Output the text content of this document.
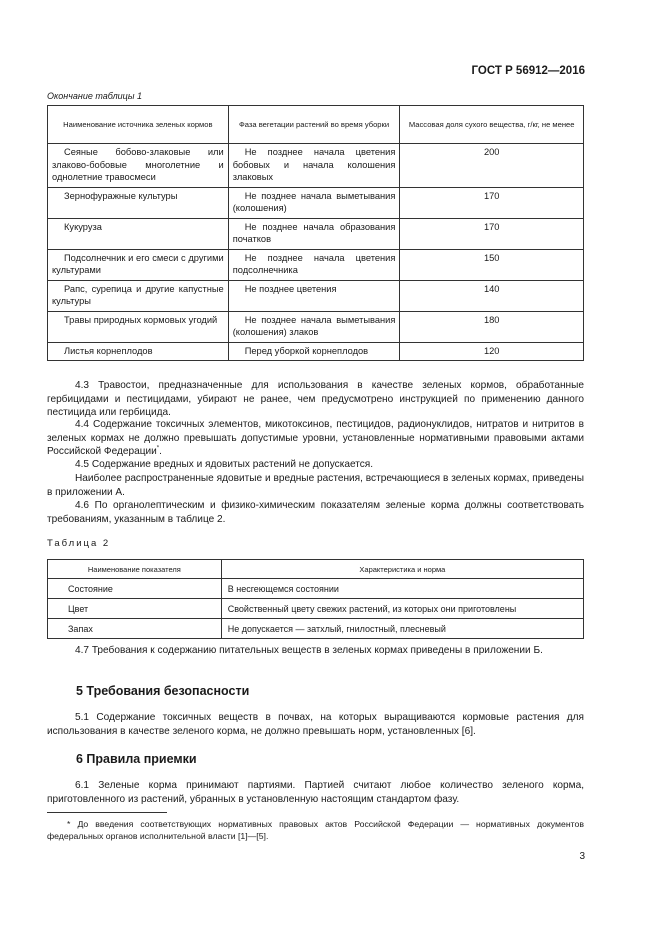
ГОСТ Р 56912—2016
Окончание таблицы 1
Наименование источника зеленых кормов	Фаза вегетации растений во время уборки	Массовая доля сухого вещества, г/кг, не менее
Сеяные бобово-злаковые или злаково-бобовые многолетние и однолетние травосмеси	Не позднее начала цветения бобовых и начала колошения злаковых	200
Зернофуражные культуры	Не позднее начала выметывания (колошения)	170
Кукуруза	Не позднее начала образования початков	170
Подсолнечник и его смеси с другими культурами	Не позднее начала цветения подсолнечника	150
Рапс, сурепица и другие капустные культуры	Не позднее цветения	140
Травы природных кормовых угодий	Не позднее начала выметывания (колошения) злаков	180
Листья корнеплодов	Перед уборкой корнеплодов	120

4.3 Травостои, предназначенные для использования в качестве зеленых кормов, обработанные гербицидами и пестицидами, убирают не ранее, чем предусмотрено инструкцией по применению данного пестицида или гербицида.

4.4 Содержание токсичных элементов, микотоксинов, пестицидов, радионуклидов, нитратов и нитритов в зеленых кормах не должно превышать допустимые уровни, установленные нормативными правовыми актами Российской Федерации*.

4.5 Содержание вредных и ядовитых растений не допускается.

Наиболее распространенные ядовитые и вредные растения, встречающиеся в зеленых кормах, приведены в приложении А.

4.6 По органолептическим и физико-химическим показателям зеленые корма должны соответствовать требованиям, указанным в таблице 2.

Таблица 2
Наименование показателя	Характеристика и норма
Состояние	В несгеющемся состоянии
Цвет	Свойственный цвету свежих растений, из которых они приготовлены
Запах	Не допускается — затхлый, гнилостный, плесневый

4.7 Требования к содержанию питательных веществ в зеленых кормах приведены в приложении Б.

5 Требования безопасности

5.1 Содержание токсичных веществ в почвах, на которых выращиваются кормовые растения для использования в качестве зеленого корма, не должно превышать норм, установленных [6].

6 Правила приемки

6.1 Зеленые корма принимают партиями. Партией считают любое количество зеленого корма, приготовленного из растений, убранных в установленную настоящим стандартом фазу.

* До введения соответствующих нормативных правовых актов Российской Федерации — нормативных документов федеральных органов исполнительной власти [1]—[5].

3
